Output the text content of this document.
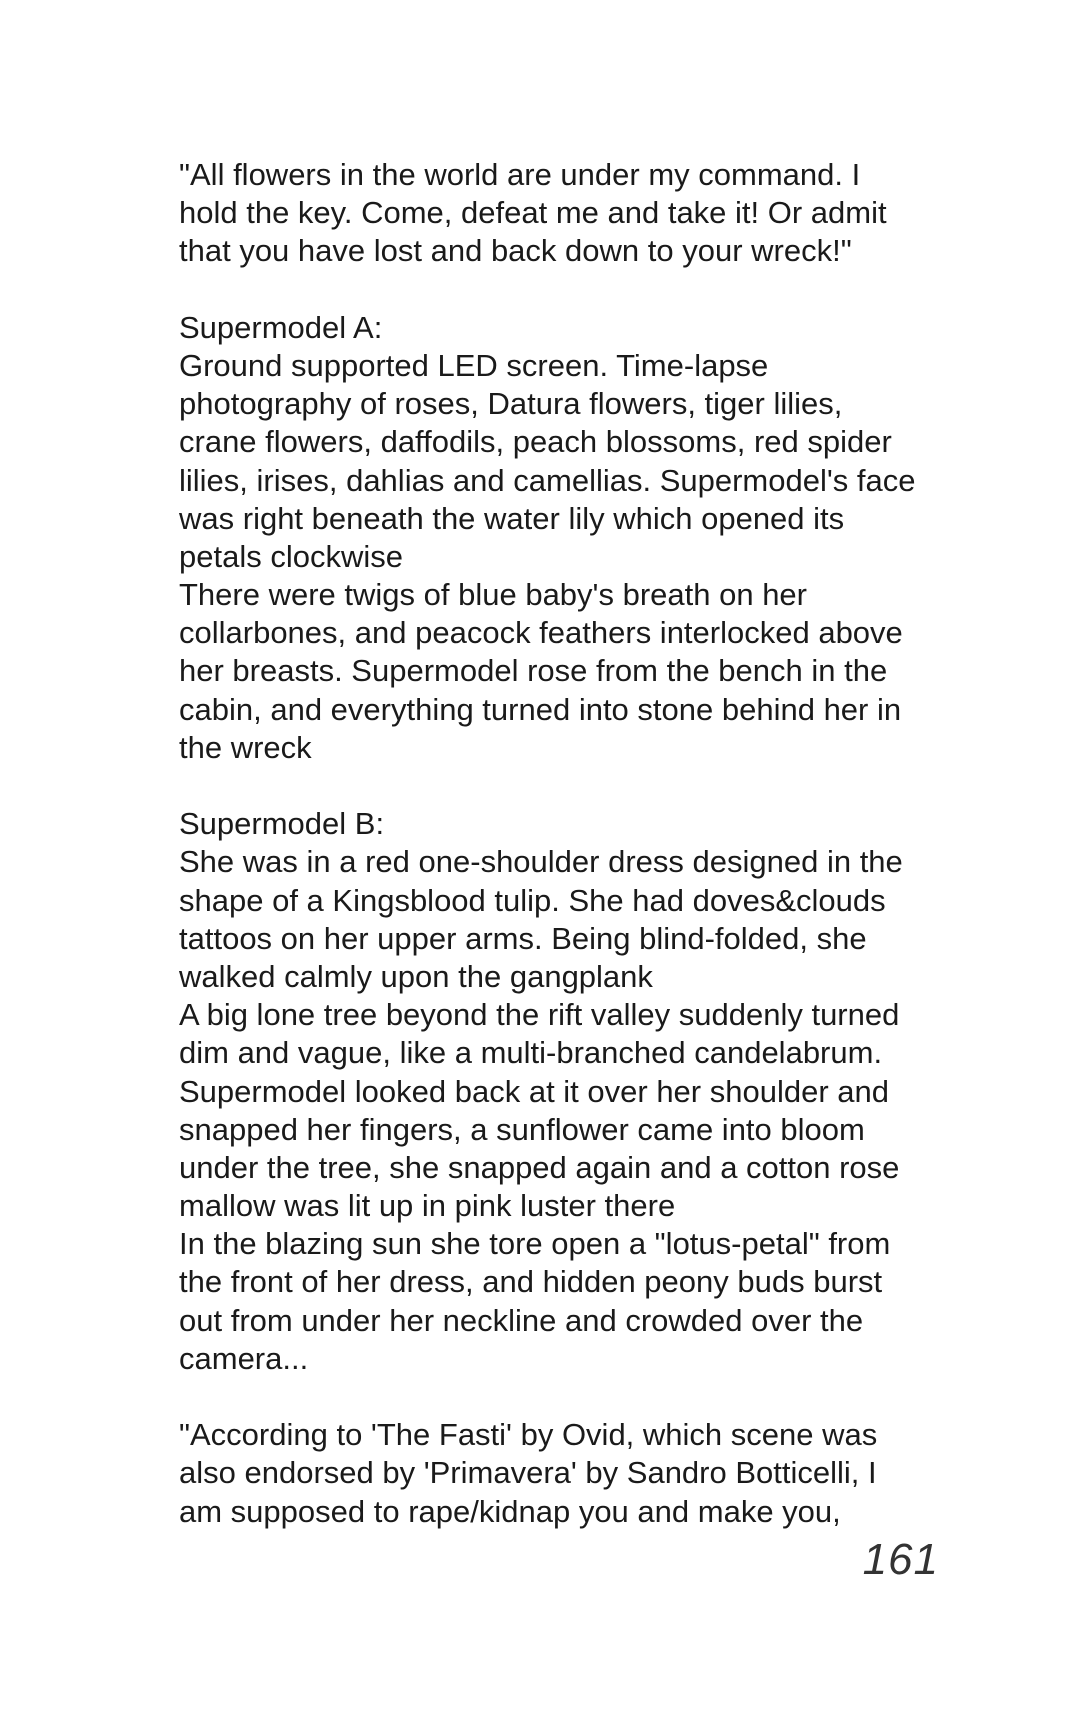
"All flowers in the world are under my command. I
hold the key. Come, defeat me and take it! Or admit
that you have lost and back down to your wreck!"
Supermodel A:
Ground supported LED screen. Time-lapse
photography of roses, Datura flowers, tiger lilies,
crane flowers, daffodils, peach blossoms, red spider
lilies, irises, dahlias and camellias. Supermodel's face
was right beneath the water lily which opened its
petals clockwise
There were twigs of blue baby's breath on her
collarbones, and peacock feathers interlocked above
her breasts. Supermodel rose from the bench in the
cabin, and everything turned into stone behind her in
the wreck
Supermodel B:
She was in a red one-shoulder dress designed in the
shape of a Kingsblood tulip. She had doves&clouds
tattoos on her upper arms. Being blind-folded, she
walked calmly upon the gangplank
A big lone tree beyond the rift valley suddenly turned
dim and vague, like a multi-branched candelabrum.
Supermodel looked back at it over her shoulder and
snapped her fingers, a sunflower came into bloom
under the tree, she snapped again and a cotton rose
mallow was lit up in pink luster there
In the blazing sun she tore open a "lotus-petal" from
the front of her dress, and hidden peony buds burst
out from under her neckline and crowded over the
camera...
"According to 'The Fasti' by Ovid, which scene was
also endorsed by 'Primavera' by Sandro Botticelli, I
am supposed to rape/kidnap you and make you,
161
